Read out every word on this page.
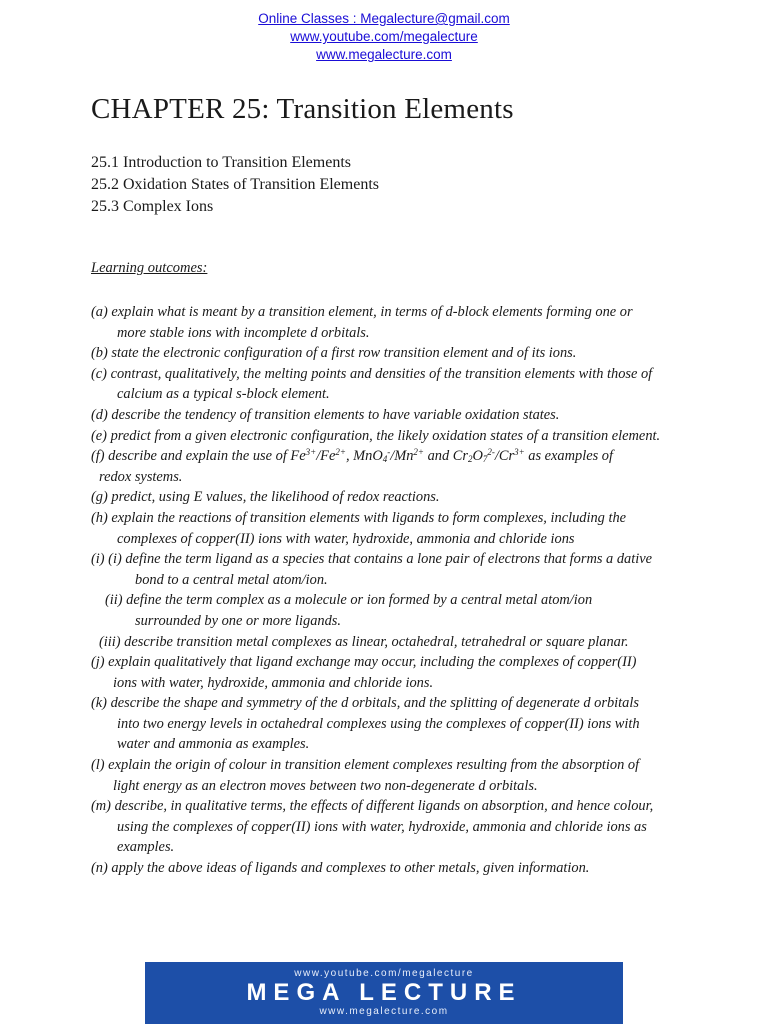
Online Classes : Megalecture@gmail.com
www.youtube.com/megalecture
www.megalecture.com
CHAPTER 25: Transition Elements
25.1 Introduction to Transition Elements
25.2 Oxidation States of Transition Elements
25.3 Complex Ions

Learning outcomes:

(a) explain what is meant by a transition element, in terms of d-block elements forming one or
more stable ions with incomplete d orbitals.
(b) state the electronic configuration of a first row transition element and of its ions.
(c) contrast, qualitatively, the melting points and densities of the transition elements with those of
calcium as a typical s-block element.
(d) describe the tendency of transition elements to have variable oxidation states.
(e) predict from a given electronic configuration, the likely oxidation states of a transition element.
(f) describe and explain the use of $Fe^{3+}/Fe^{2+}$, $MnO_4^-/Mn^{2+}$ and $Cr_2O_7^{2-}/Cr^{3+}$ as examples of
redox systems.
(g) predict, using E values, the likelihood of redox reactions.
(h) explain the reactions of transition elements with ligands to form complexes, including the
complexes of copper(II) ions with water, hydroxide, ammonia and chloride ions
(i) (i) define the term ligand as a species that contains a lone pair of electrons that forms a dative
bond to a central metal atom/ion.
(ii) define the term complex as a molecule or ion formed by a central metal atom/ion
surrounded by one or more ligands.
(iii) describe transition metal complexes as linear, octahedral, tetrahedral or square planar.
(j) explain qualitatively that ligand exchange may occur, including the complexes of copper(II)
ions with water, hydroxide, ammonia and chloride ions.
(k) describe the shape and symmetry of the d orbitals, and the splitting of degenerate d orbitals
into two energy levels in octahedral complexes using the complexes of copper(II) ions with
water and ammonia as examples.
(l) explain the origin of colour in transition element complexes resulting from the absorption of
light energy as an electron moves between two non-degenerate d orbitals.
(m) describe, in qualitative terms, the effects of different ligands on absorption, and hence colour,
using the complexes of copper(II) ions with water, hydroxide, ammonia and chloride ions as
examples.
(n) apply the above ideas of ligands and complexes to other metals, given information.
www.youtube.com/megalecture
MEGA LECTURE
www.megalecture.com
